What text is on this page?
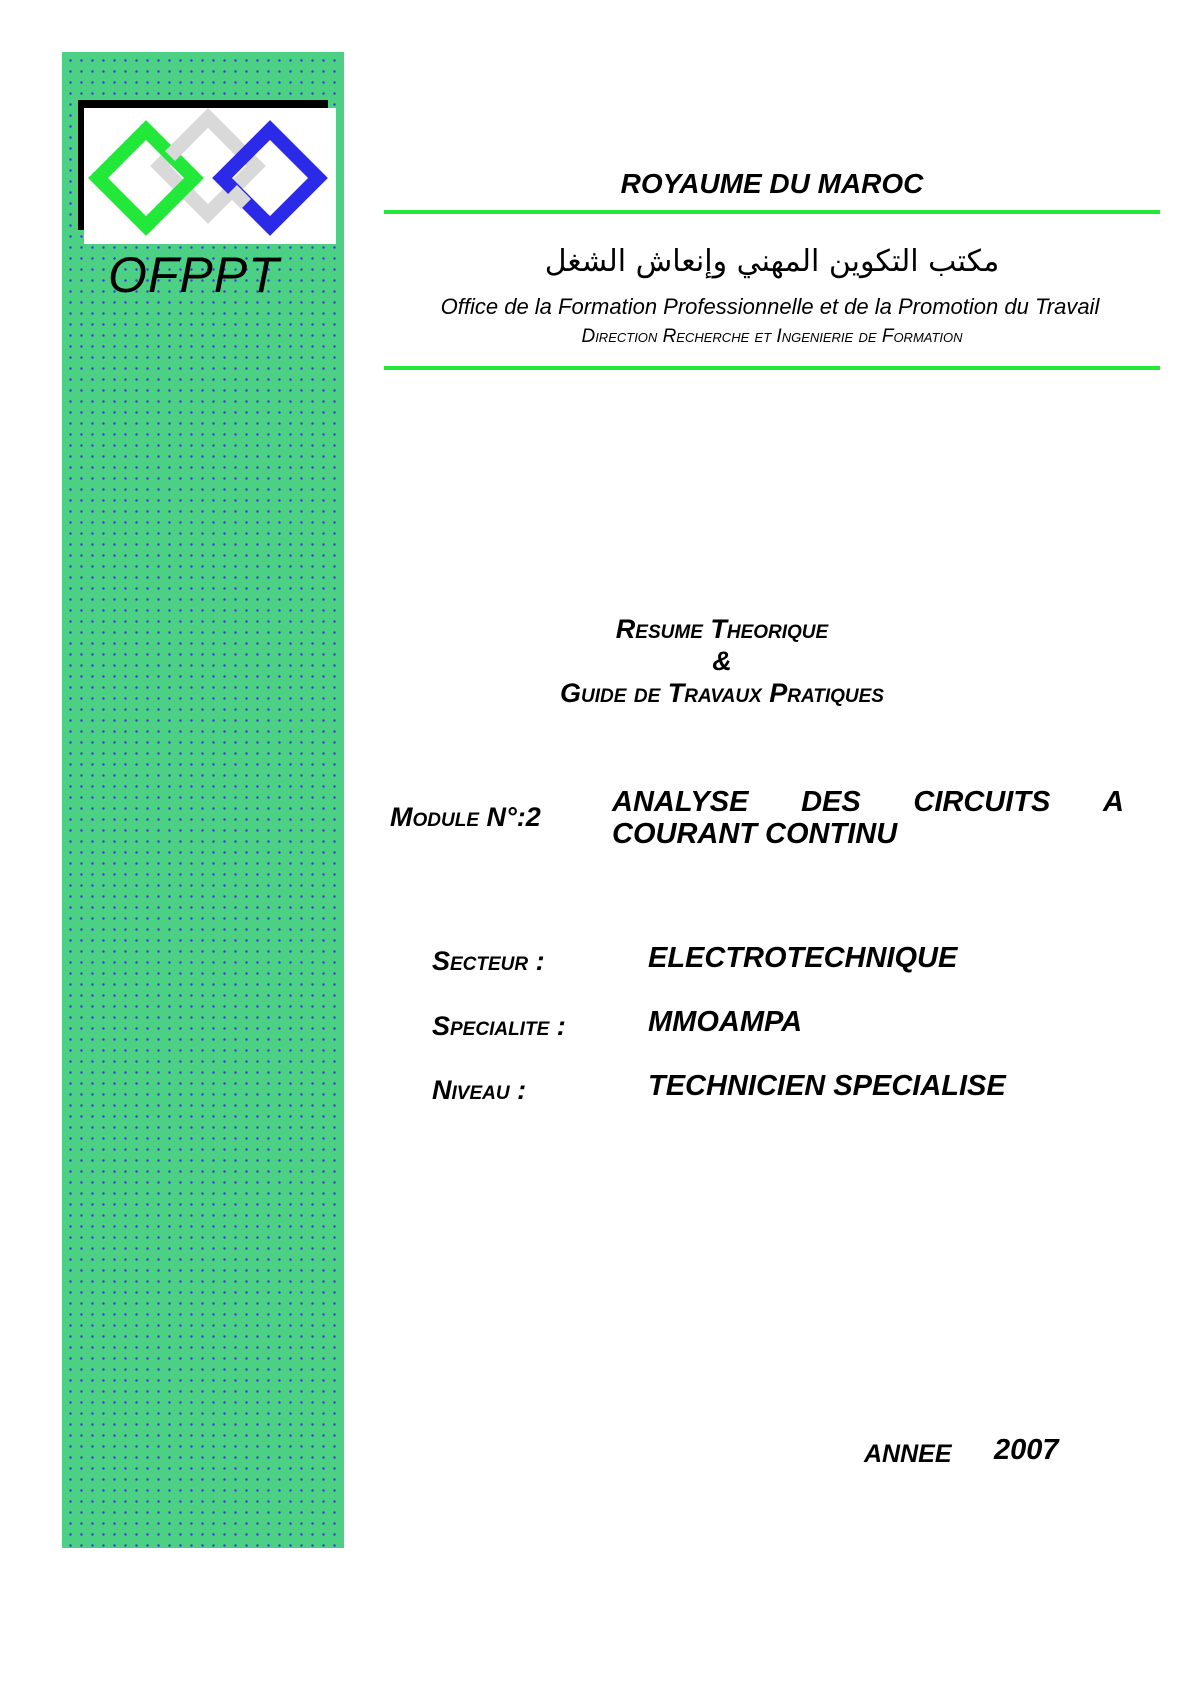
OFPPT
ROYAUME DU MAROC
مكتب التكوين المهني وإنعاش الشغل
Office de la Formation Professionnelle et de la Promotion du Travail
Direction Recherche et Ingenierie de Formation
Resume Theorique
&
Guide de Travaux Pratiques
Module N°:2 ANALYSE DES CIRCUITS A
COURANT CONTINU
Secteur :	ELECTROTECHNIQUE
Specialite :	MMOAMPA
Niveau :	TECHNICIEN SPECIALISE
ANNEE 2007
